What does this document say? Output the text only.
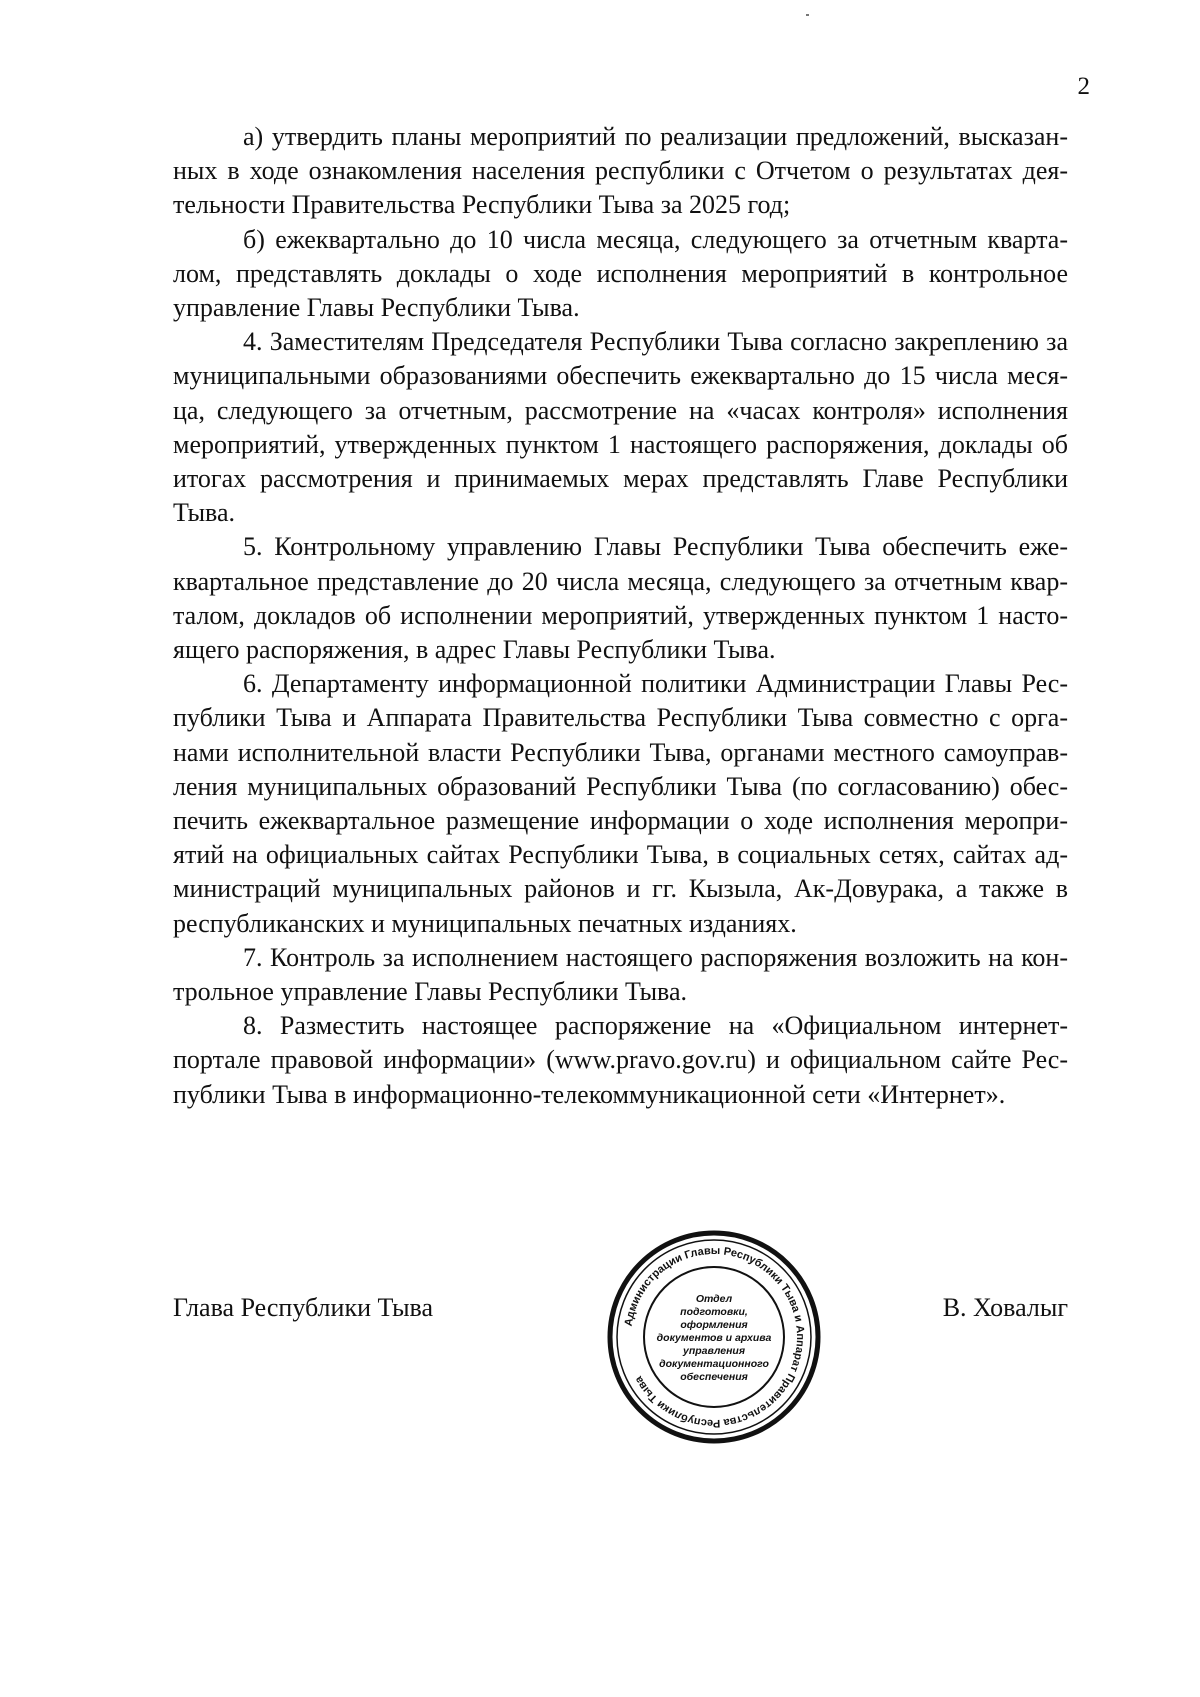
2

а) утвердить планы мероприятий по реализации предложений, высказанных в ходе ознакомления населения республики с Отчетом о результатах деятельности Правительства Республики Тыва за 2025 год;

б) ежеквартально до 10 числа месяца, следующего за отчетным кварталом, представлять доклады о ходе исполнения мероприятий в контрольное управление Главы Республики Тыва.

4. Заместителям Председателя Республики Тыва согласно закреплению за муниципальными образованиями обеспечить ежеквартально до 15 числа месяца, следующего за отчетным, рассмотрение на «часах контроля» исполнения мероприятий, утвержденных пунктом 1 настоящего распоряжения, доклады об итогах рассмотрения и принимаемых мерах представлять Главе Республики Тыва.

5. Контрольному управлению Главы Республики Тыва обеспечить ежеквартальное представление до 20 числа месяца, следующего за отчетным кварталом, докладов об исполнении мероприятий, утвержденных пунктом 1 настоящего распоряжения, в адрес Главы Республики Тыва.

6. Департаменту информационной политики Администрации Главы Республики Тыва и Аппарата Правительства Республики Тыва совместно с органами исполнительной власти Республики Тыва, органами местного самоуправления муниципальных образований Республики Тыва (по согласованию) обеспечить ежеквартальное размещение информации о ходе исполнения мероприятий на официальных сайтах Республики Тыва, в социальных сетях, сайтах администраций муниципальных районов и гг. Кызыла, Ак-Довурака, а также в республиканских и муниципальных печатных изданиях.

7. Контроль за исполнением настоящего распоряжения возложить на контрольное управление Главы Республики Тыва.

8. Разместить настоящее распоряжение на «Официальном интернет-портале правовой информации» (www.pravo.gov.ru) и официальном сайте Республики Тыва в информационно-телекоммуникационной сети «Интернет».

Глава Республики Тыва	В. Ховалыг
Администрации Главы Республики Тыва и Аппарат Правительства Республики Тыва
Отдел
подготовки,
оформления
документов и архива
управления
документационного
обеспечения
